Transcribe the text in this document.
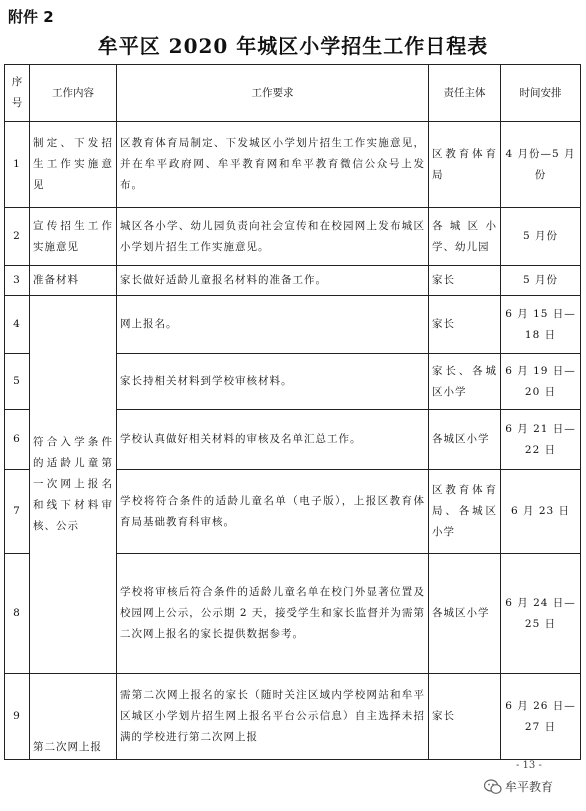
附件 2
牟平区 2020 年城区小学招生工作日程表
序号	工作内容	工作要求	责任主体	时间安排
1	制定、下发招生工作实施意见	区教育体育局制定、下发城区小学划片招生工作实施意见，并在牟平政府网、牟平教育网和牟平教育微信公众号上发布。	区教育体育局	4 月份—5 月份
2	宣传招生工作实施意见	城区各小学、幼儿园负责向社会宣传和在校园网上发布城区小学划片招生工作实施意见。	各城区小学、幼儿园	5 月份
3	准备材料	家长做好适龄儿童报名材料的准备工作。	家长	5 月份
4	符合入学条件的适龄儿童第一次网上报名和线下材料审核、公示	网上报名。	家长	6 月 15 日—18 日
5		家长持相关材料到学校审核材料。	家长、各城区小学	6 月 19 日—20 日
6		学校认真做好相关材料的审核及名单汇总工作。	各城区小学	6 月 21 日—22 日
7		学校将符合条件的适龄儿童名单（电子版），上报区教育体育局基础教育科审核。	区教育体育局、各城区小学	6 月 23 日
8		学校将审核后符合条件的适龄儿童名单在校门外显著位置及校园网上公示，公示期 2 天，接受学生和家长监督并为需第二次网上报名的家长提供数据参考。	各城区小学	6 月 24 日—25 日
9	第二次网上报	需第二次网上报名的家长（随时关注区域内学校网站和牟平区城区小学划片招生网上报名平台公示信息）自主选择未招满的学校进行第二次网上报	家长	6 月 26 日—27 日
- 13 -
牟平教育
